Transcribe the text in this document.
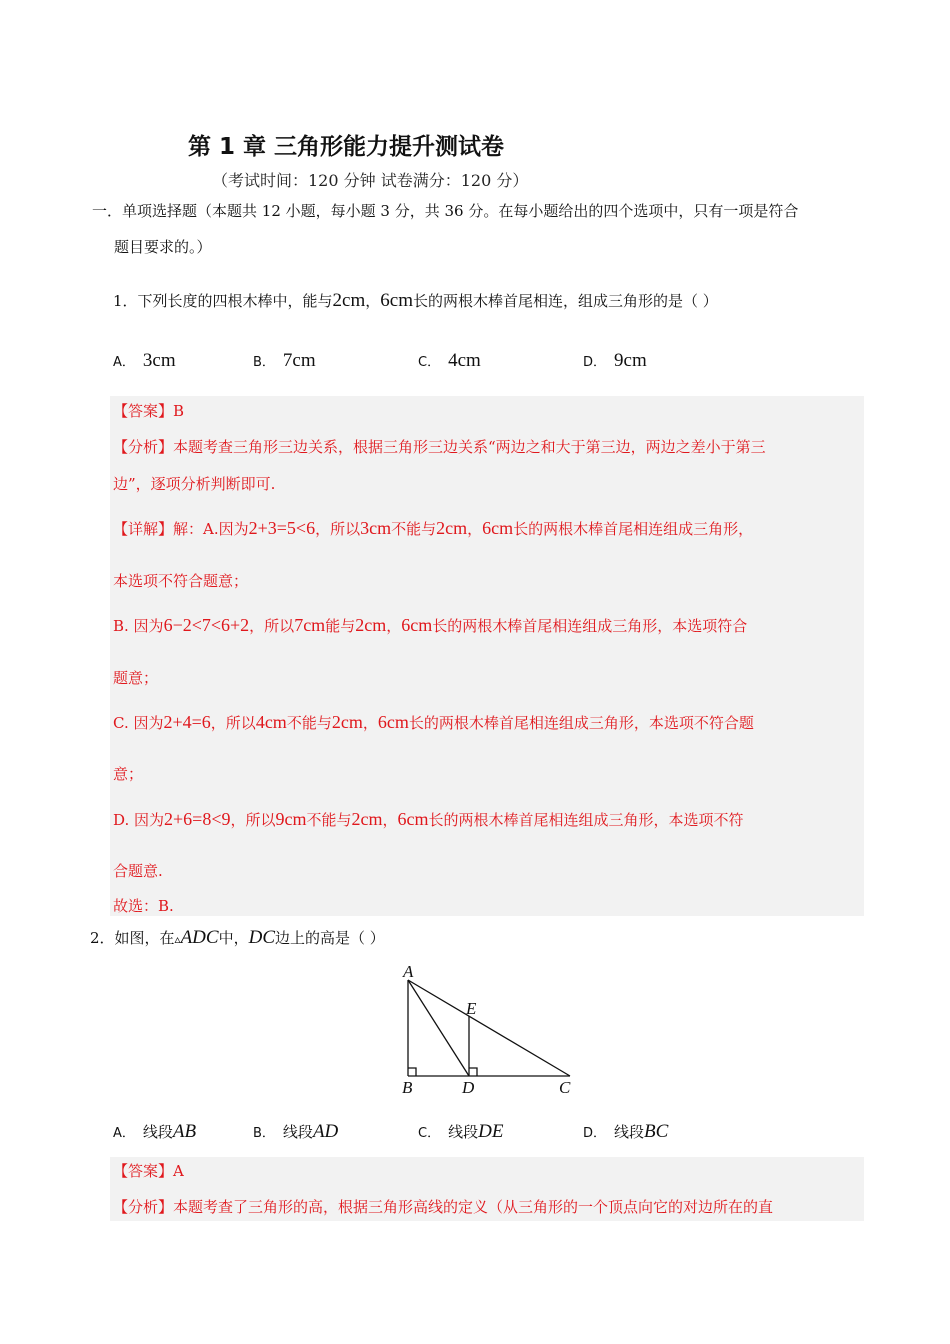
第 1 章 三角形能力提升测试卷
（考试时间：120 分钟 试卷满分：120 分）
一．单项选择题（本题共 12 小题，每小题 3 分，共 36 分。在每小题给出的四个选项中，只有一项是符合
题目要求的。）
1．下列长度的四根木棒中，能与2cm，6cm长的两根木棒首尾相连，组成三角形的是（ ）
A． 3cm	B． 7cm	C． 4cm	D． 9cm
【答案】B
【分析】本题考查三角形三边关系，根据三角形三边关系“两边之和大于第三边，两边之差小于第三
边”，逐项分析判断即可.
【详解】解：A.因为2+3=5<6，所以3cm不能与2cm，6cm长的两根木棒首尾相连组成三角形，
本选项不符合题意；
B. 因为6−2<7<6+2，所以7cm能与2cm，6cm长的两根木棒首尾相连组成三角形，本选项符合
题意；
C. 因为2+4=6，所以4cm不能与2cm，6cm长的两根木棒首尾相连组成三角形，本选项不符合题
意；
D. 因为2+6=8<9，所以9cm不能与2cm，6cm长的两根木棒首尾相连组成三角形，本选项不符
合题意.
故选：B.
2．如图，在▵ADC中，DC边上的高是（ ）
A
E
B	D	C
A． 线段AB	B． 线段AD	C． 线段DE	D． 线段BC
【答案】A
【分析】本题考查了三角形的高，根据三角形高线的定义（从三角形的一个顶点向它的对边所在的直
